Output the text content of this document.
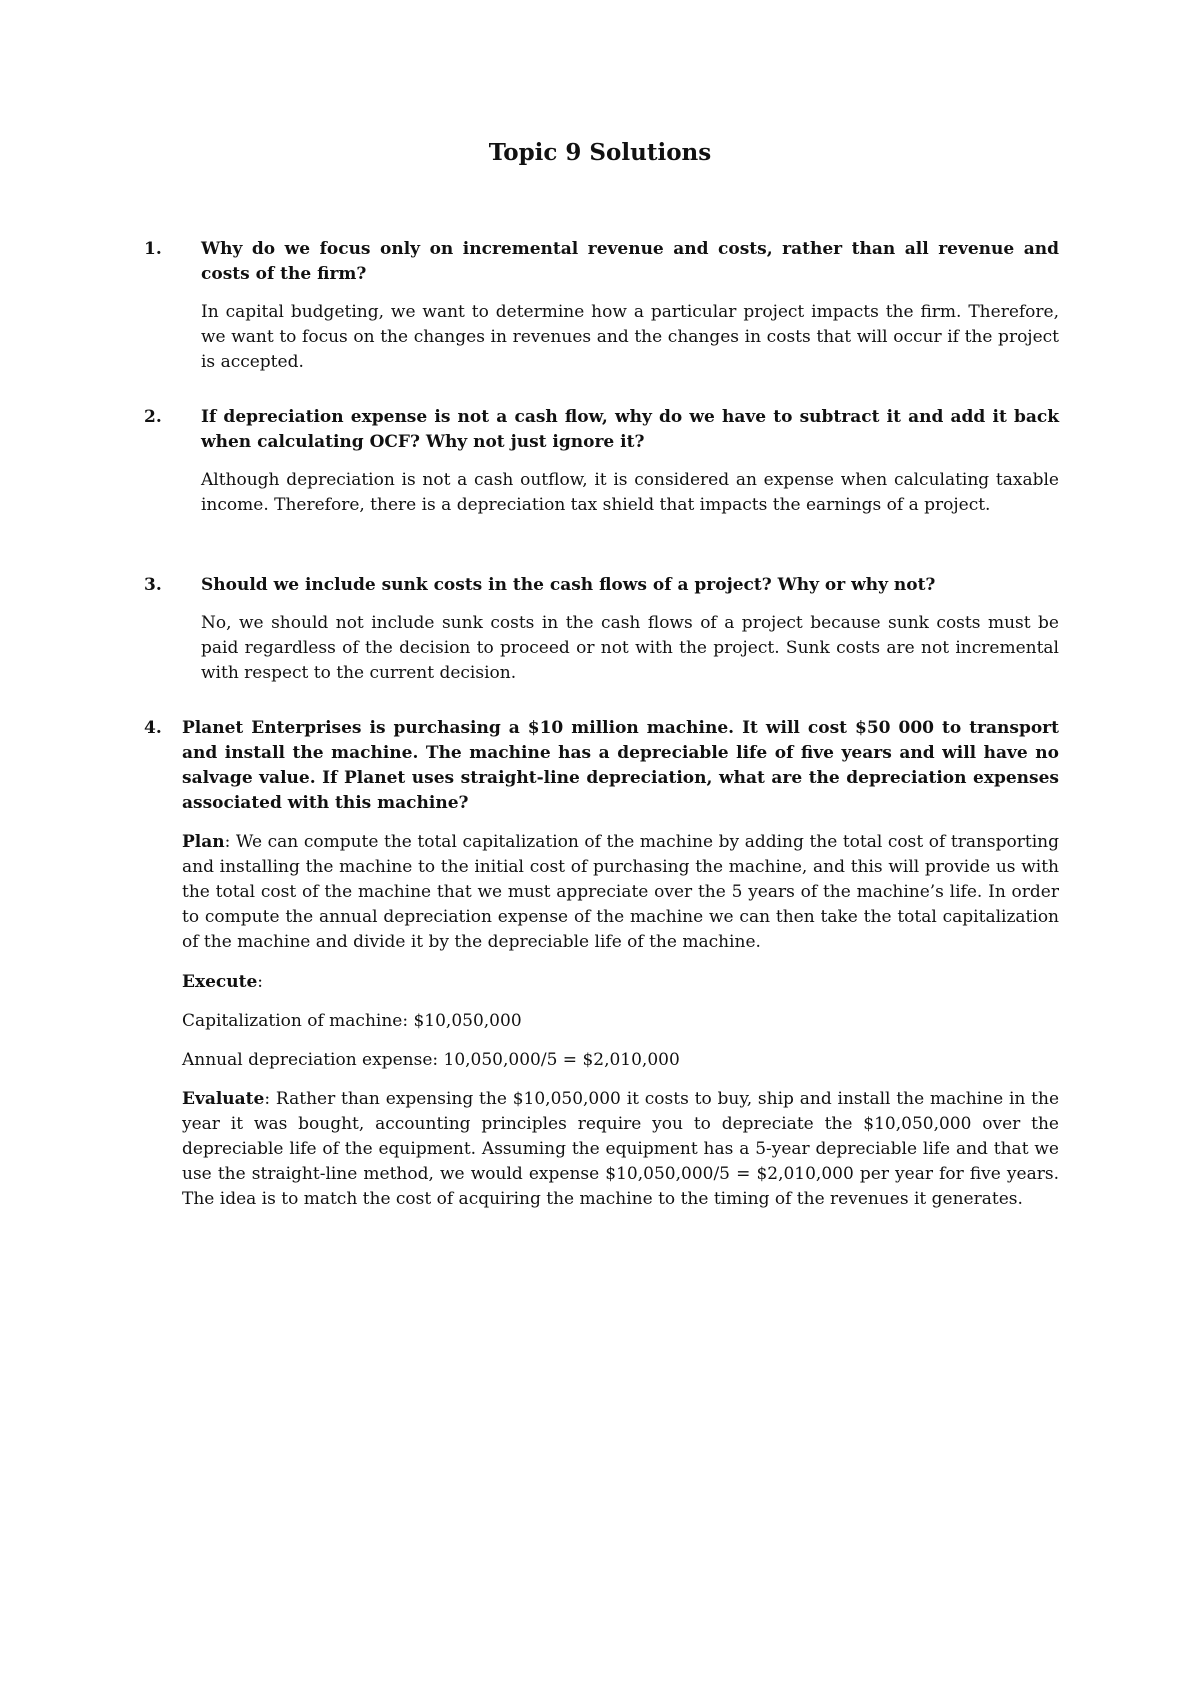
Topic 9 Solutions
1. Why do we focus only on incremental revenue and costs, rather than all revenue and costs of the firm?

In capital budgeting, we want to determine how a particular project impacts the firm. Therefore, we want to focus on the changes in revenues and the changes in costs that will occur if the project is accepted.

2. If depreciation expense is not a cash flow, why do we have to subtract it and add it back when calculating OCF? Why not just ignore it?

Although depreciation is not a cash outflow, it is considered an expense when calculating taxable income. Therefore, there is a depreciation tax shield that impacts the earnings of a project.

3. Should we include sunk costs in the cash flows of a project? Why or why not?

No, we should not include sunk costs in the cash flows of a project because sunk costs must be paid regardless of the decision to proceed or not with the project. Sunk costs are not incremental with respect to the current decision.

4. Planet Enterprises is purchasing a $10 million machine. It will cost $50 000 to transport and install the machine. The machine has a depreciable life of five years and will have no salvage value. If Planet uses straight-line depreciation, what are the depreciation expenses associated with this machine?

Plan: We can compute the total capitalization of the machine by adding the total cost of transporting and installing the machine to the initial cost of purchasing the machine, and this will provide us with the total cost of the machine that we must appreciate over the 5 years of the machine’s life. In order to compute the annual depreciation expense of the machine we can then take the total capitalization of the machine and divide it by the depreciable life of the machine.

Execute:

Capitalization of machine: $10,050,000

Annual depreciation expense: 10,050,000/5 = $2,010,000

Evaluate: Rather than expensing the $10,050,000 it costs to buy, ship and install the machine in the year it was bought, accounting principles require you to depreciate the $10,050,000 over the depreciable life of the equipment. Assuming the equipment has a 5-year depreciable life and that we use the straight-line method, we would expense $10,050,000/5 = $2,010,000 per year for five years. The idea is to match the cost of acquiring the machine to the timing of the revenues it generates.
